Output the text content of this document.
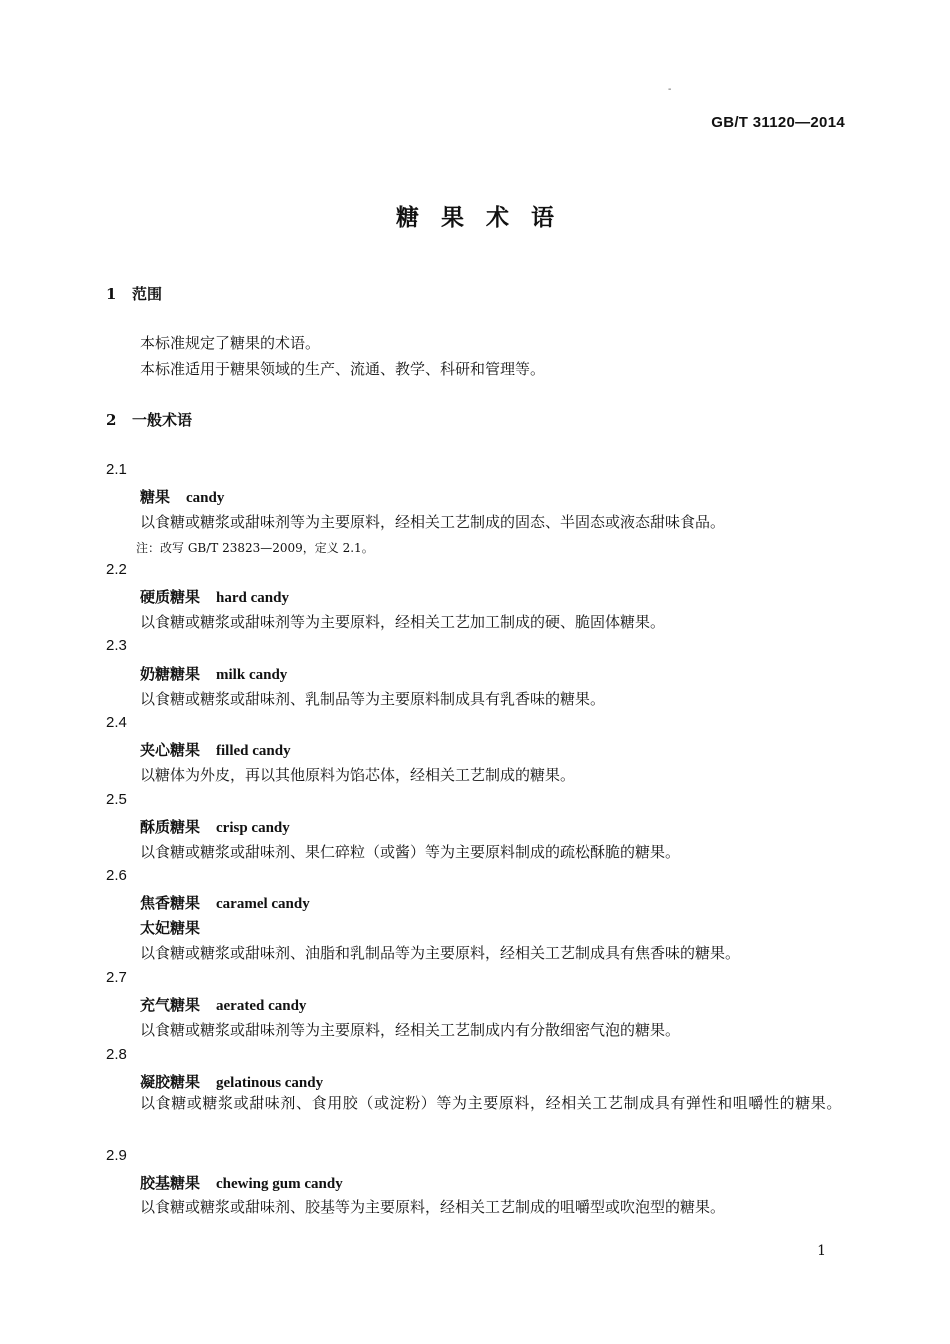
-
GB/T 31120—2014
糖果术语
1 范围
本标准规定了糖果的术语。
本标准适用于糖果领域的生产、流通、教学、科研和管理等。
2 一般术语
2.1
糖果 candy
以食糖或糖浆或甜味剂等为主要原料，经相关工艺制成的固态、半固态或液态甜味食品。
注：改写 GB/T 23823—2009，定义 2.1。
2.2
硬质糖果 hard candy
以食糖或糖浆或甜味剂等为主要原料，经相关工艺加工制成的硬、脆固体糖果。
2.3
奶糖糖果 milk candy
以食糖或糖浆或甜味剂、乳制品等为主要原料制成具有乳香味的糖果。
2.4
夹心糖果 filled candy
以糖体为外皮，再以其他原料为馅芯体，经相关工艺制成的糖果。
2.5
酥质糖果 crisp candy
以食糖或糖浆或甜味剂、果仁碎粒（或酱）等为主要原料制成的疏松酥脆的糖果。
2.6
焦香糖果 caramel candy
太妃糖果
以食糖或糖浆或甜味剂、油脂和乳制品等为主要原料，经相关工艺制成具有焦香味的糖果。
2.7
充气糖果 aerated candy
以食糖或糖浆或甜味剂等为主要原料，经相关工艺制成内有分散细密气泡的糖果。
2.8
凝胶糖果 gelatinous candy
以食糖或糖浆或甜味剂、食用胶（或淀粉）等为主要原料，经相关工艺制成具有弹性和咀嚼性的糖果。
2.9
胶基糖果 chewing gum candy
以食糖或糖浆或甜味剂、胶基等为主要原料，经相关工艺制成的咀嚼型或吹泡型的糖果。
1
